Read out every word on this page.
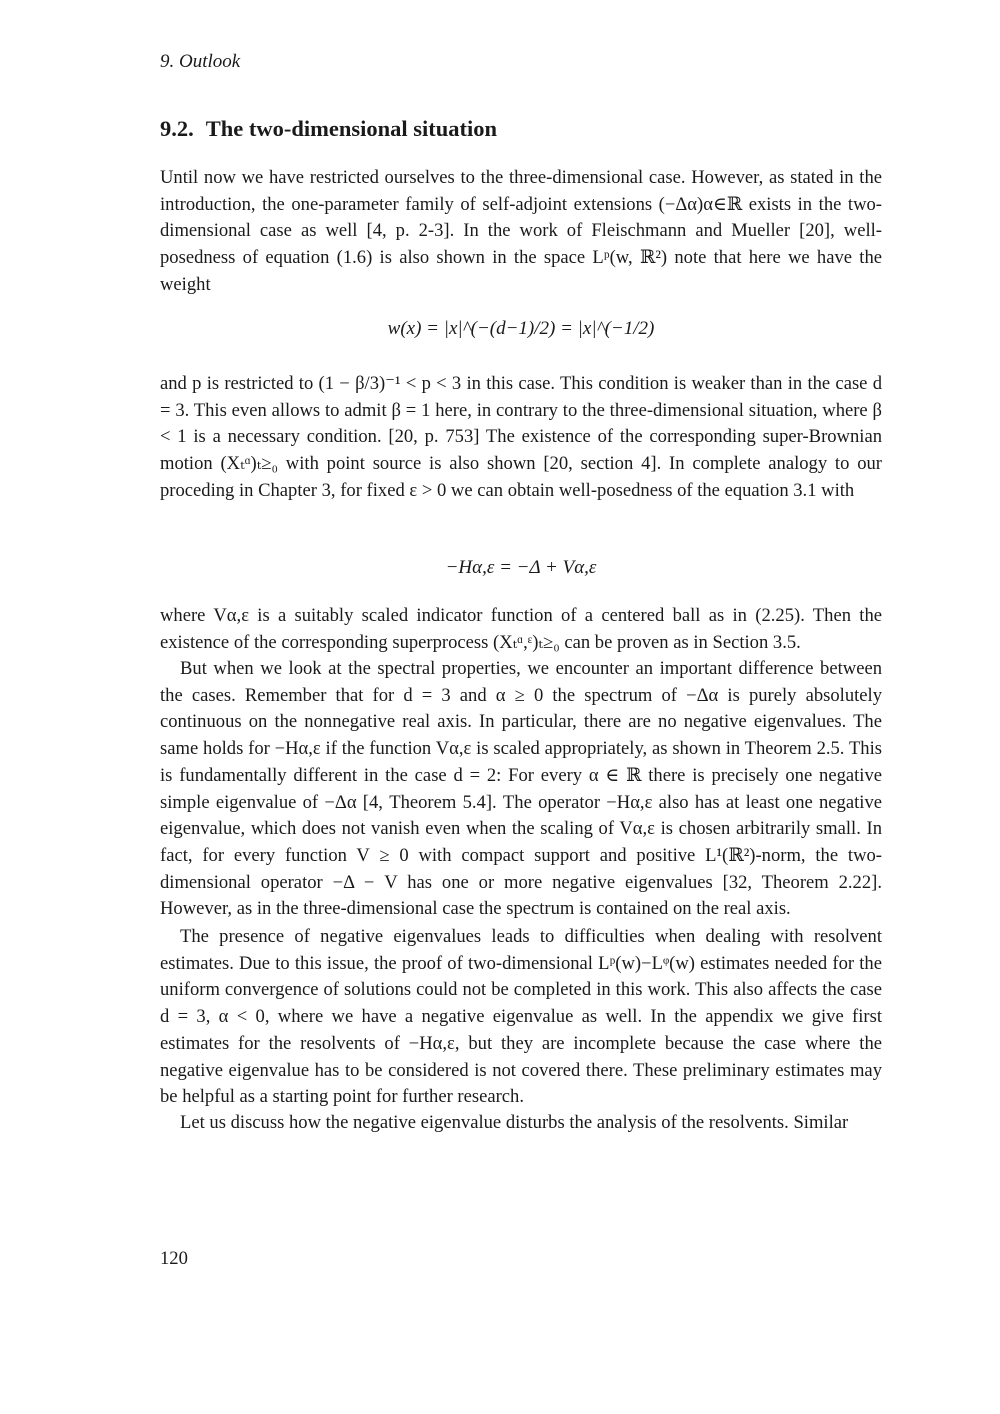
9. Outlook
9.2. The two-dimensional situation

Until now we have restricted ourselves to the three-dimensional case. However, as stated in the introduction, the one-parameter family of self-adjoint extensions (−Δα)α∈ℝ exists in the two-dimensional case as well [4, p. 2-3]. In the work of Fleischmann and Mueller [20], well-posedness of equation (1.6) is also shown in the space Lᵖ(w, ℝ²) note that here we have the weight

w(x) = |x|^(−(d−1)/2) = |x|^(−1/2)

and p is restricted to (1 − β/3)⁻¹ < p < 3 in this case. This condition is weaker than in the case d = 3. This even allows to admit β = 1 here, in contrary to the three-dimensional situation, where β < 1 is a necessary condition. [20, p. 753] The existence of the corresponding super-Brownian motion (Xₜᵅ)ₜ≥₀ with point source is also shown [20, section 4]. In complete analogy to our proceding in Chapter 3, for fixed ε > 0 we can obtain well-posedness of the equation 3.1 with

−Hα,ε = −Δ + Vα,ε

where Vα,ε is a suitably scaled indicator function of a centered ball as in (2.25). Then the existence of the corresponding superprocess (Xₜᵅ,ᵋ)ₜ≥₀ can be proven as in Section 3.5.

But when we look at the spectral properties, we encounter an important difference between the cases. Remember that for d = 3 and α ≥ 0 the spectrum of −Δα is purely absolutely continuous on the nonnegative real axis. In particular, there are no negative eigenvalues. The same holds for −Hα,ε if the function Vα,ε is scaled appropriately, as shown in Theorem 2.5. This is fundamentally different in the case d = 2: For every α ∈ ℝ there is precisely one negative simple eigenvalue of −Δα [4, Theorem 5.4]. The operator −Hα,ε also has at least one negative eigenvalue, which does not vanish even when the scaling of Vα,ε is chosen arbitrarily small. In fact, for every function V ≥ 0 with compact support and positive L¹(ℝ²)-norm, the two-dimensional operator −Δ − V has one or more negative eigenvalues [32, Theorem 2.22]. However, as in the three-dimensional case the spectrum is contained on the real axis.

The presence of negative eigenvalues leads to difficulties when dealing with resolvent estimates. Due to this issue, the proof of two-dimensional Lᵖ(w)−Lᵠ(w) estimates needed for the uniform convergence of solutions could not be completed in this work. This also affects the case d = 3, α < 0, where we have a negative eigenvalue as well. In the appendix we give first estimates for the resolvents of −Hα,ε, but they are incomplete because the case where the negative eigenvalue has to be considered is not covered there. These preliminary estimates may be helpful as a starting point for further research.

Let us discuss how the negative eigenvalue disturbs the analysis of the resolvents. Similar

120
